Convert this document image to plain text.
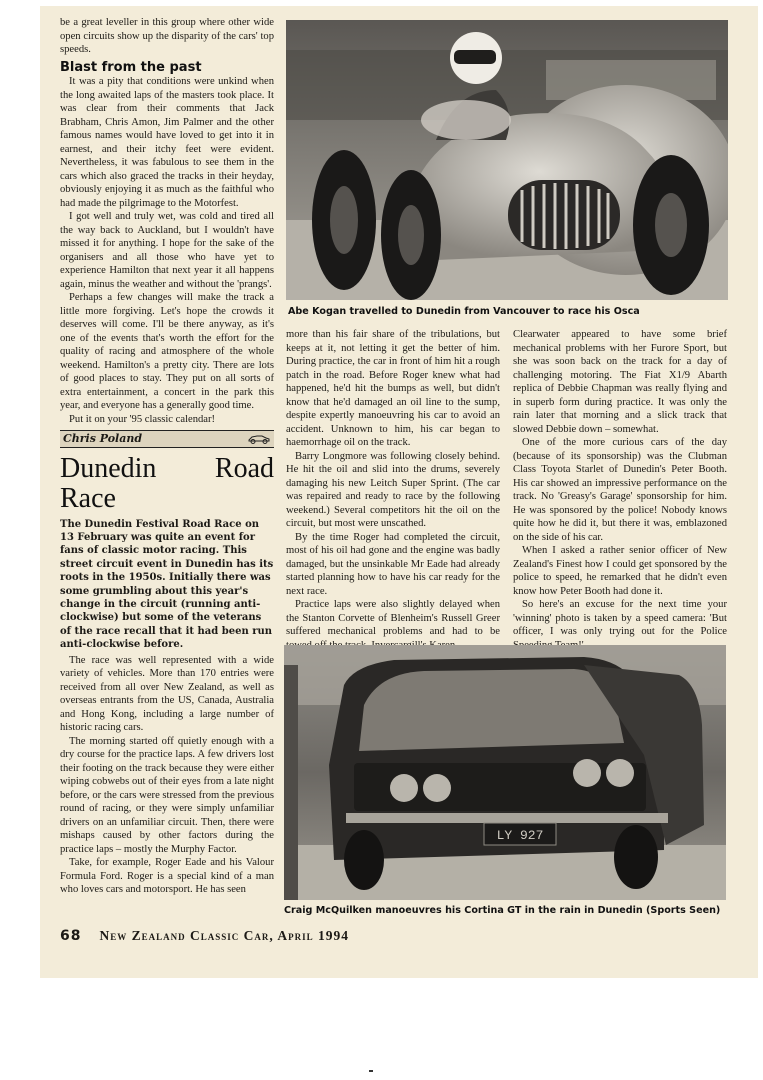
be a great leveller in this group where other wide open circuits show up the disparity of the cars' top speeds.

Blast from the past

It was a pity that conditions were unkind when the long awaited laps of the masters took place. It was clear from their comments that Jack Brabham, Chris Amon, Jim Palmer and the other famous names would have loved to get into it in earnest, and their itchy feet were evident. Nevertheless, it was fabulous to see them in the cars which also graced the tracks in their heyday, obviously enjoying it as much as the faithful who had made the pilgrimage to the Motorfest.

I got well and truly wet, was cold and tired all the way back to Auckland, but I wouldn't have missed it for anything. I hope for the sake of the organisers and all those who have yet to experience Hamilton that next year it all happens again, minus the weather and without the 'prangs'.

Perhaps a few changes will make the track a little more forgiving. Let's hope the crowds it deserves will come. I'll be there anyway, as it's one of the events that's worth the effort for the quality of racing and atmosphere of the whole weekend. Hamilton's a pretty city. There are lots of good places to stay. They put on all sorts of extra entertainment, a concert in the park this year, and everyone has a generally good time.

Put it on your '95 classic calendar!

Chris Poland
Dunedin Road Race
The Dunedin Festival Road Race on 13 February was quite an event for fans of classic motor racing. This street circuit event in Dunedin has its roots in the 1950s. Initially there was some grumbling about this year's change in the circuit (running anti-clockwise) but some of the veterans of the race recall that it had been run anti-clockwise before.

The race was well represented with a wide variety of vehicles. More than 170 entries were received from all over New Zealand, as well as overseas entrants from the US, Canada, Australia and Hong Kong, including a large number of historic racing cars.

The morning started off quietly enough with a dry course for the practice laps. A few drivers lost their footing on the track because they were either wiping cobwebs out of their eyes from a late night before, or the cars were stressed from the previous round of racing, or they were simply unfamiliar drivers on an unfamiliar circuit. Then, there were mishaps caused by other factors during the practice laps – mostly the Murphy Factor.

Take, for example, Roger Eade and his Valour Formula Ford. Roger is a special kind of a man who loves cars and motorsport. He has seen

Abe Kogan travelled to Dunedin from Vancouver to race his Osca

more than his fair share of the tribulations, but keeps at it, not letting it get the better of him. During practice, the car in front of him hit a rough patch in the road. Before Roger knew what had happened, he'd hit the bumps as well, but didn't know that he'd damaged an oil line to the sump, despite expertly manoeuvring his car to avoid an accident. Unknown to him, his car began to haemorrhage oil on the track.

Barry Longmore was following closely behind. He hit the oil and slid into the drums, severely damaging his new Leitch Super Sprint. (The car was repaired and ready to race by the following weekend.) Several competitors hit the oil on the circuit, but most were unscathed.

By the time Roger had completed the circuit, most of his oil had gone and the engine was badly damaged, but the unsinkable Mr Eade had already started planning how to have his car ready for the next race.

Practice laps were also slightly delayed when the Stanton Corvette of Blenheim's Russell Greer suffered mechanical problems and had to be

Clearwater appeared to have some brief mechanical problems with her Furore Sport, but she was soon back on the track for a day of challenging motoring. The Fiat X1/9 Abarth replica of Debbie Chapman was really flying and in superb form during practice. It was only the rain later that morning and a slick track that slowed Debbie down – somewhat.

One of the more curious cars of the day (because of its sponsorship) was the Clubman Class Toyota Starlet of Dunedin's Peter Booth. His car showed an impressive performance on the track. No 'Greasy's Garage' sponsorship for him. He was sponsored by the police! Nobody knows quite how he did it, but there it was, emblazoned on the side of his car.

When I asked a rather senior officer of New Zealand's Finest how I could get sponsored by the police to speed, he remarked that he didn't even know how Peter Booth had done it.

So here's an excuse for the next time your 'winning' photo is taken by a speed camera: 'But officer, I was only trying out for the Police

LY 927
Craig McQuilken manoeuvres his Cortina GT in the rain in Dunedin (Sports Seen)
68 New Zealand Classic Car, April 1994
